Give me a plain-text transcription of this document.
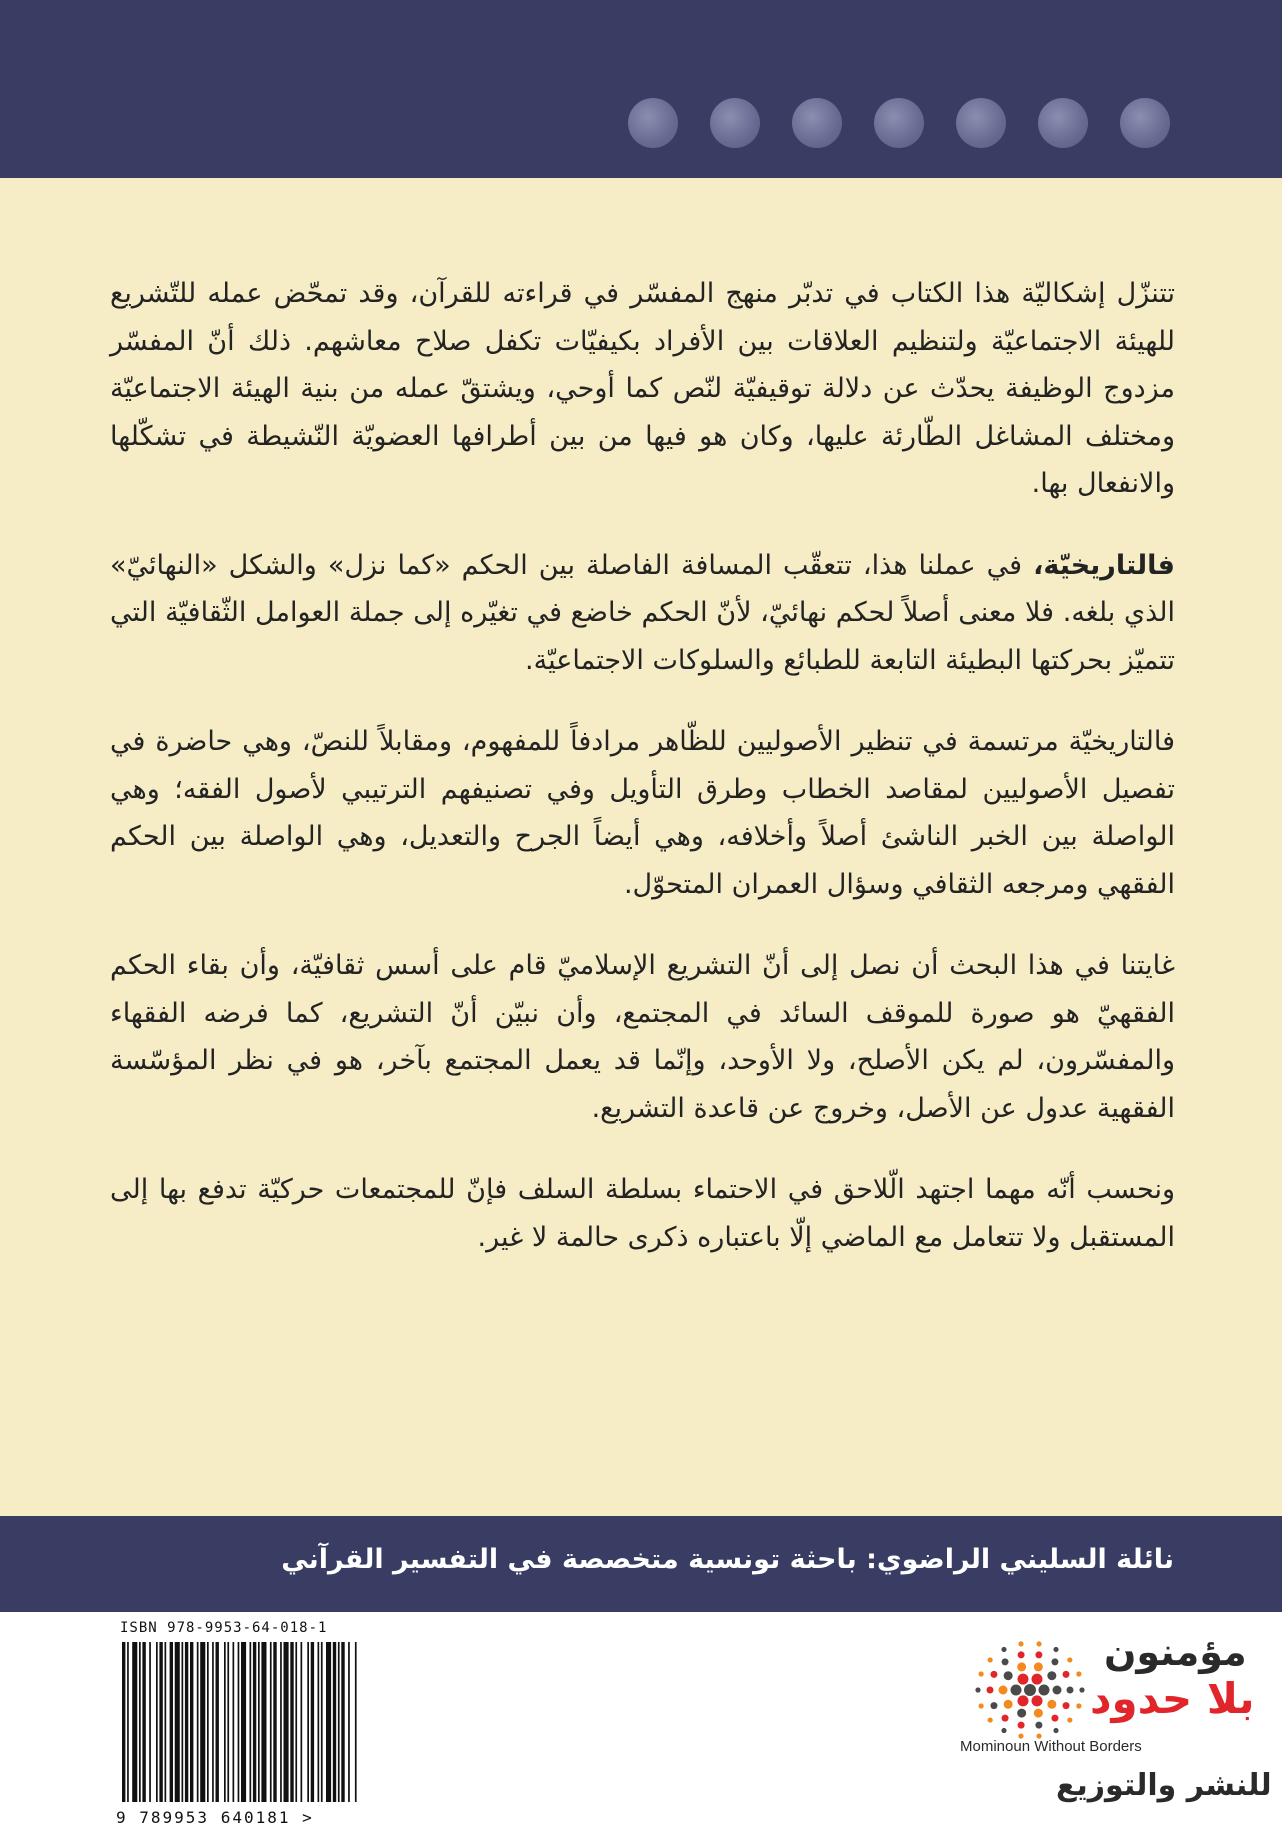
تتنزّل إشكاليّة هذا الكتاب في تدبّر منهج المفسّر في قراءته للقرآن، وقد تمحّض عمله للتّشريع للهيئة الاجتماعيّة ولتنظيم العلاقات بين الأفراد بكيفيّات تكفل صلاح معاشهم. ذلك أنّ المفسّر مزدوج الوظيفة يحدّث عن دلالة توقيفيّة لنّص كما أوحي، ويشتقّ عمله من بنية الهيئة الاجتماعيّة ومختلف المشاغل الطّارئة عليها، وكان هو فيها من بين أطرافها العضويّة النّشيطة في تشكّلها والانفعال بها.

فالتاريخيّة، في عملنا هذا، تتعقّب المسافة الفاصلة بين الحكم «كما نزل» والشكل «النهائيّ» الذي بلغه. فلا معنى أصلاً لحكم نهائيّ، لأنّ الحكم خاضع في تغيّره إلى جملة العوامل الثّقافيّة التي تتميّز بحركتها البطيئة التابعة للطبائع والسلوكات الاجتماعيّة.

فالتاريخيّة مرتسمة في تنظير الأصوليين للظّاهر مرادفاً للمفهوم، ومقابلاً للنصّ، وهي حاضرة في تفصيل الأصوليين لمقاصد الخطاب وطرق التأويل وفي تصنيفهم الترتيبي لأصول الفقه؛ وهي الواصلة بين الخبر الناشئ أصلاً وأخلافه، وهي أيضاً الجرح والتعديل، وهي الواصلة بين الحكم الفقهي ومرجعه الثقافي وسؤال العمران المتحوّل.

غايتنا في هذا البحث أن نصل إلى أنّ التشريع الإسلاميّ قام على أسس ثقافيّة، وأن بقاء الحكم الفقهيّ هو صورة للموقف السائد في المجتمع، وأن نبيّن أنّ التشريع، كما فرضه الفقهاء والمفسّرون، لم يكن الأصلح، ولا الأوحد، وإنّما قد يعمل المجتمع بآخر، هو في نظر المؤسّسة الفقهية عدول عن الأصل، وخروج عن قاعدة التشريع.

ونحسب أنّه مهما اجتهد الّلاحق في الاحتماء بسلطة السلف فإنّ للمجتمعات حركيّة تدفع بها إلى المستقبل ولا تتعامل مع الماضي إلّا باعتباره ذكرى حالمة لا غير.

نائلة السليني الراضوي: باحثة تونسية متخصصة في التفسير القرآني
ISBN 978-9953-64-018-1
9 789953 640181 >
مؤمنون
بلا حدود
Mominoun Without Borders
للنشر والتوزيع
